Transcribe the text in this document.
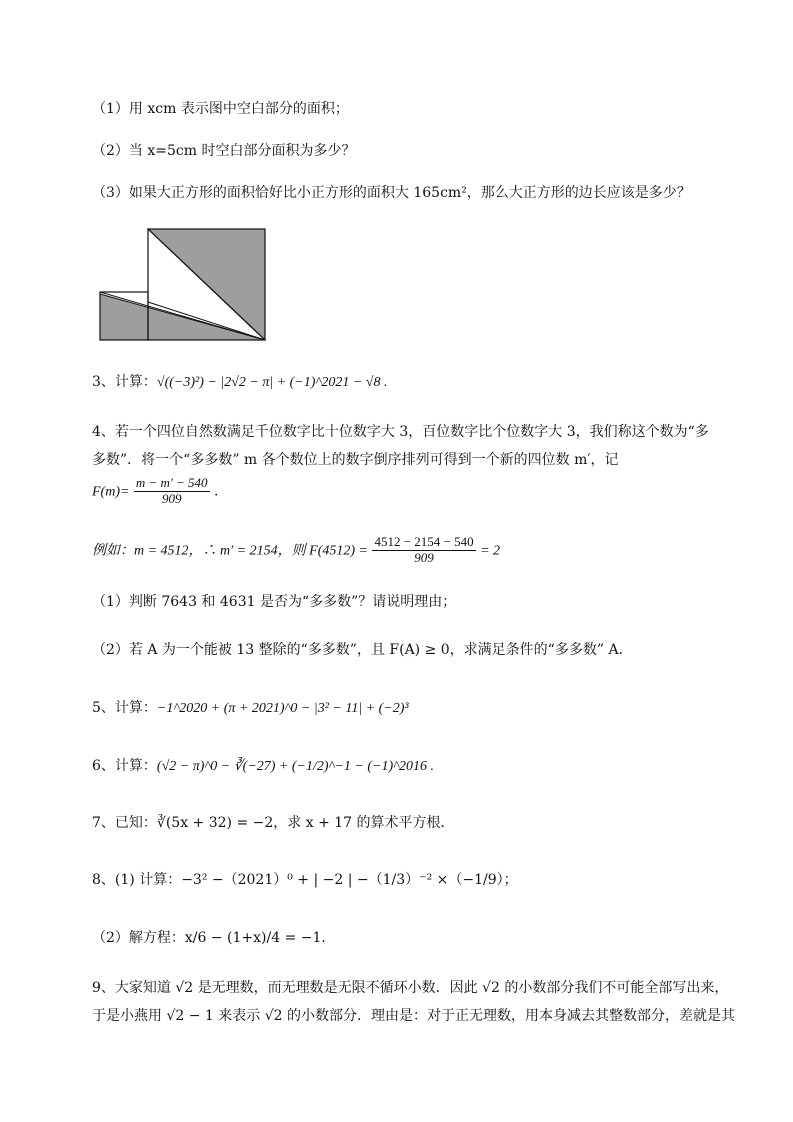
（1）用 xcm 表示图中空白部分的面积；
（2）当 x=5cm 时空白部分面积为多少？
（3）如果大正方形的面积恰好比小正方形的面积大 165cm²，那么大正方形的边长应该是多少？
3、计算：√((−3)²) − |2√2 − π| + (−1)^2021 − √8 .
4、若一个四位自然数满足千位数字比十位数字大 3，百位数字比个位数字大 3，我们称这个数为“多
多数”．将一个“多多数” m 各个数位上的数字倒序排列可得到一个新的四位数 m′，记
$F(m)= \frac{m - m' - 540}{909}$ ．
例如：m = 4512，∴ m′ = 2154，则 $F(4512) = \frac{4512 - 2154 - 540}{909} = 2$
（1）判断 7643 和 4631 是否为“多多数”？请说明理由；
（2）若 A 为一个能被 13 整除的“多多数”，且 F(A) ≥ 0，求满足条件的“多多数” A．
5、计算：−1^2020 + (π + 2021)^0 − |3² − 11| + (−2)³
6、计算：(√2 − π)^0 − ∛(−27) + (−1/2)^−1 − (−1)^2016 .
7、已知：∛(5x + 32) = −2，求 x + 17 的算术平方根．
8、(1) 计算：−3² −（2021）⁰ + | −2 | −（1/3）⁻² ×（−1/9）；
（2）解方程：x/6 − (1+x)/4 = −1．
9、大家知道 √2 是无理数，而无理数是无限不循环小数．因此 √2 的小数部分我们不可能全部写出来，
于是小燕用 √2 − 1 来表示 √2 的小数部分．理由是：对于正无理数，用本身减去其整数部分，差就是其
